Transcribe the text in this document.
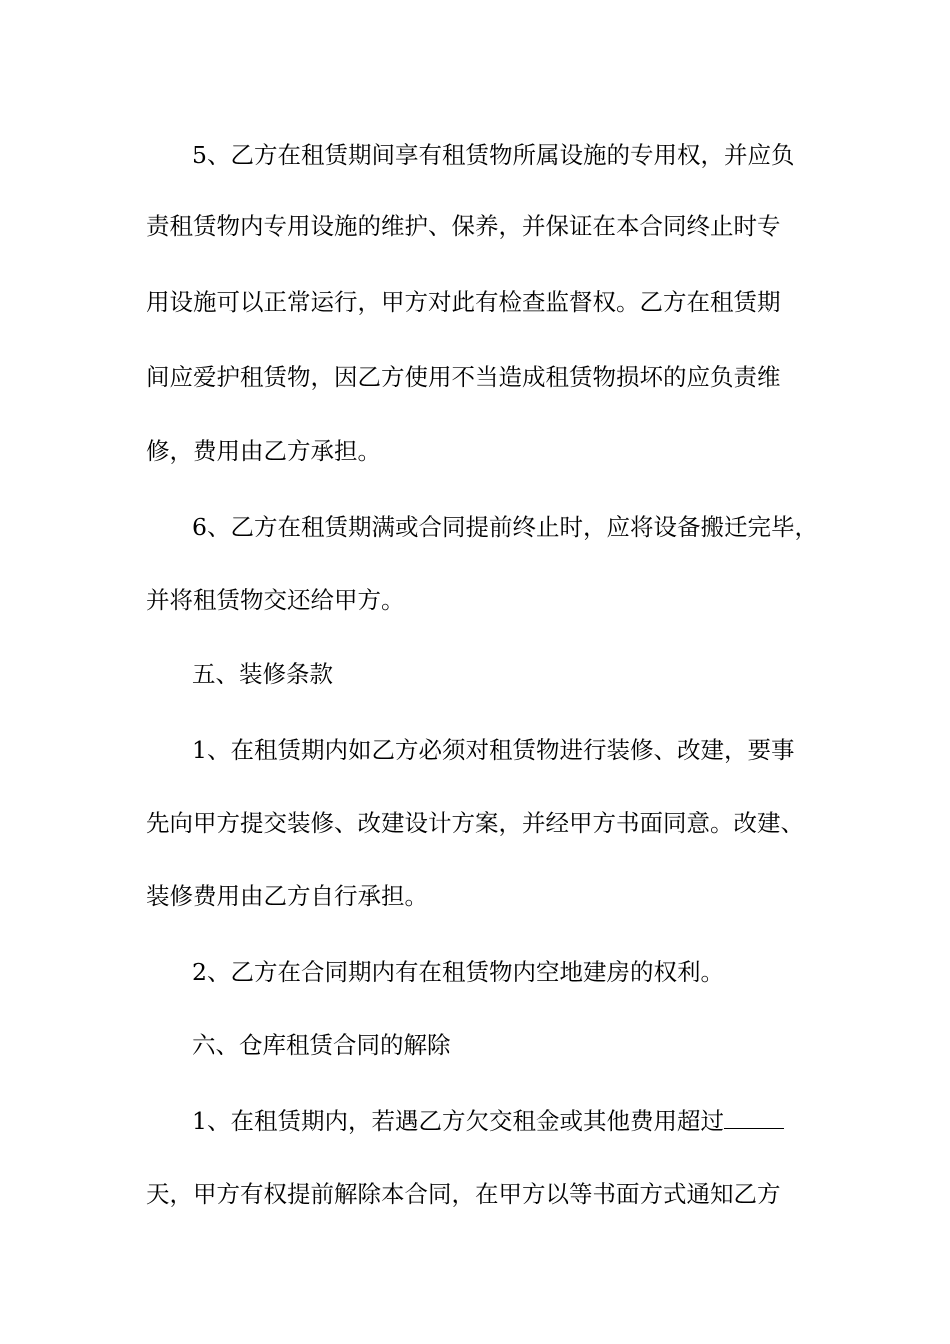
5、乙方在租赁期间享有租赁物所属设施的专用权，并应负
责租赁物内专用设施的维护、保养，并保证在本合同终止时专
用设施可以正常运行，甲方对此有检查监督权。乙方在租赁期
间应爱护租赁物，因乙方使用不当造成租赁物损坏的应负责维
修，费用由乙方承担。
6、乙方在租赁期满或合同提前终止时，应将设备搬迁完毕，
并将租赁物交还给甲方。
五、装修条款
1、在租赁期内如乙方必须对租赁物进行装修、改建，要事
先向甲方提交装修、改建设计方案，并经甲方书面同意。改建、
装修费用由乙方自行承担。
2、乙方在合同期内有在租赁物内空地建房的权利。
六、仓库租赁合同的解除
1、在租赁期内，若遇乙方欠交租金或其他费用超过
天，甲方有权提前解除本合同，在甲方以等书面方式通知乙方
